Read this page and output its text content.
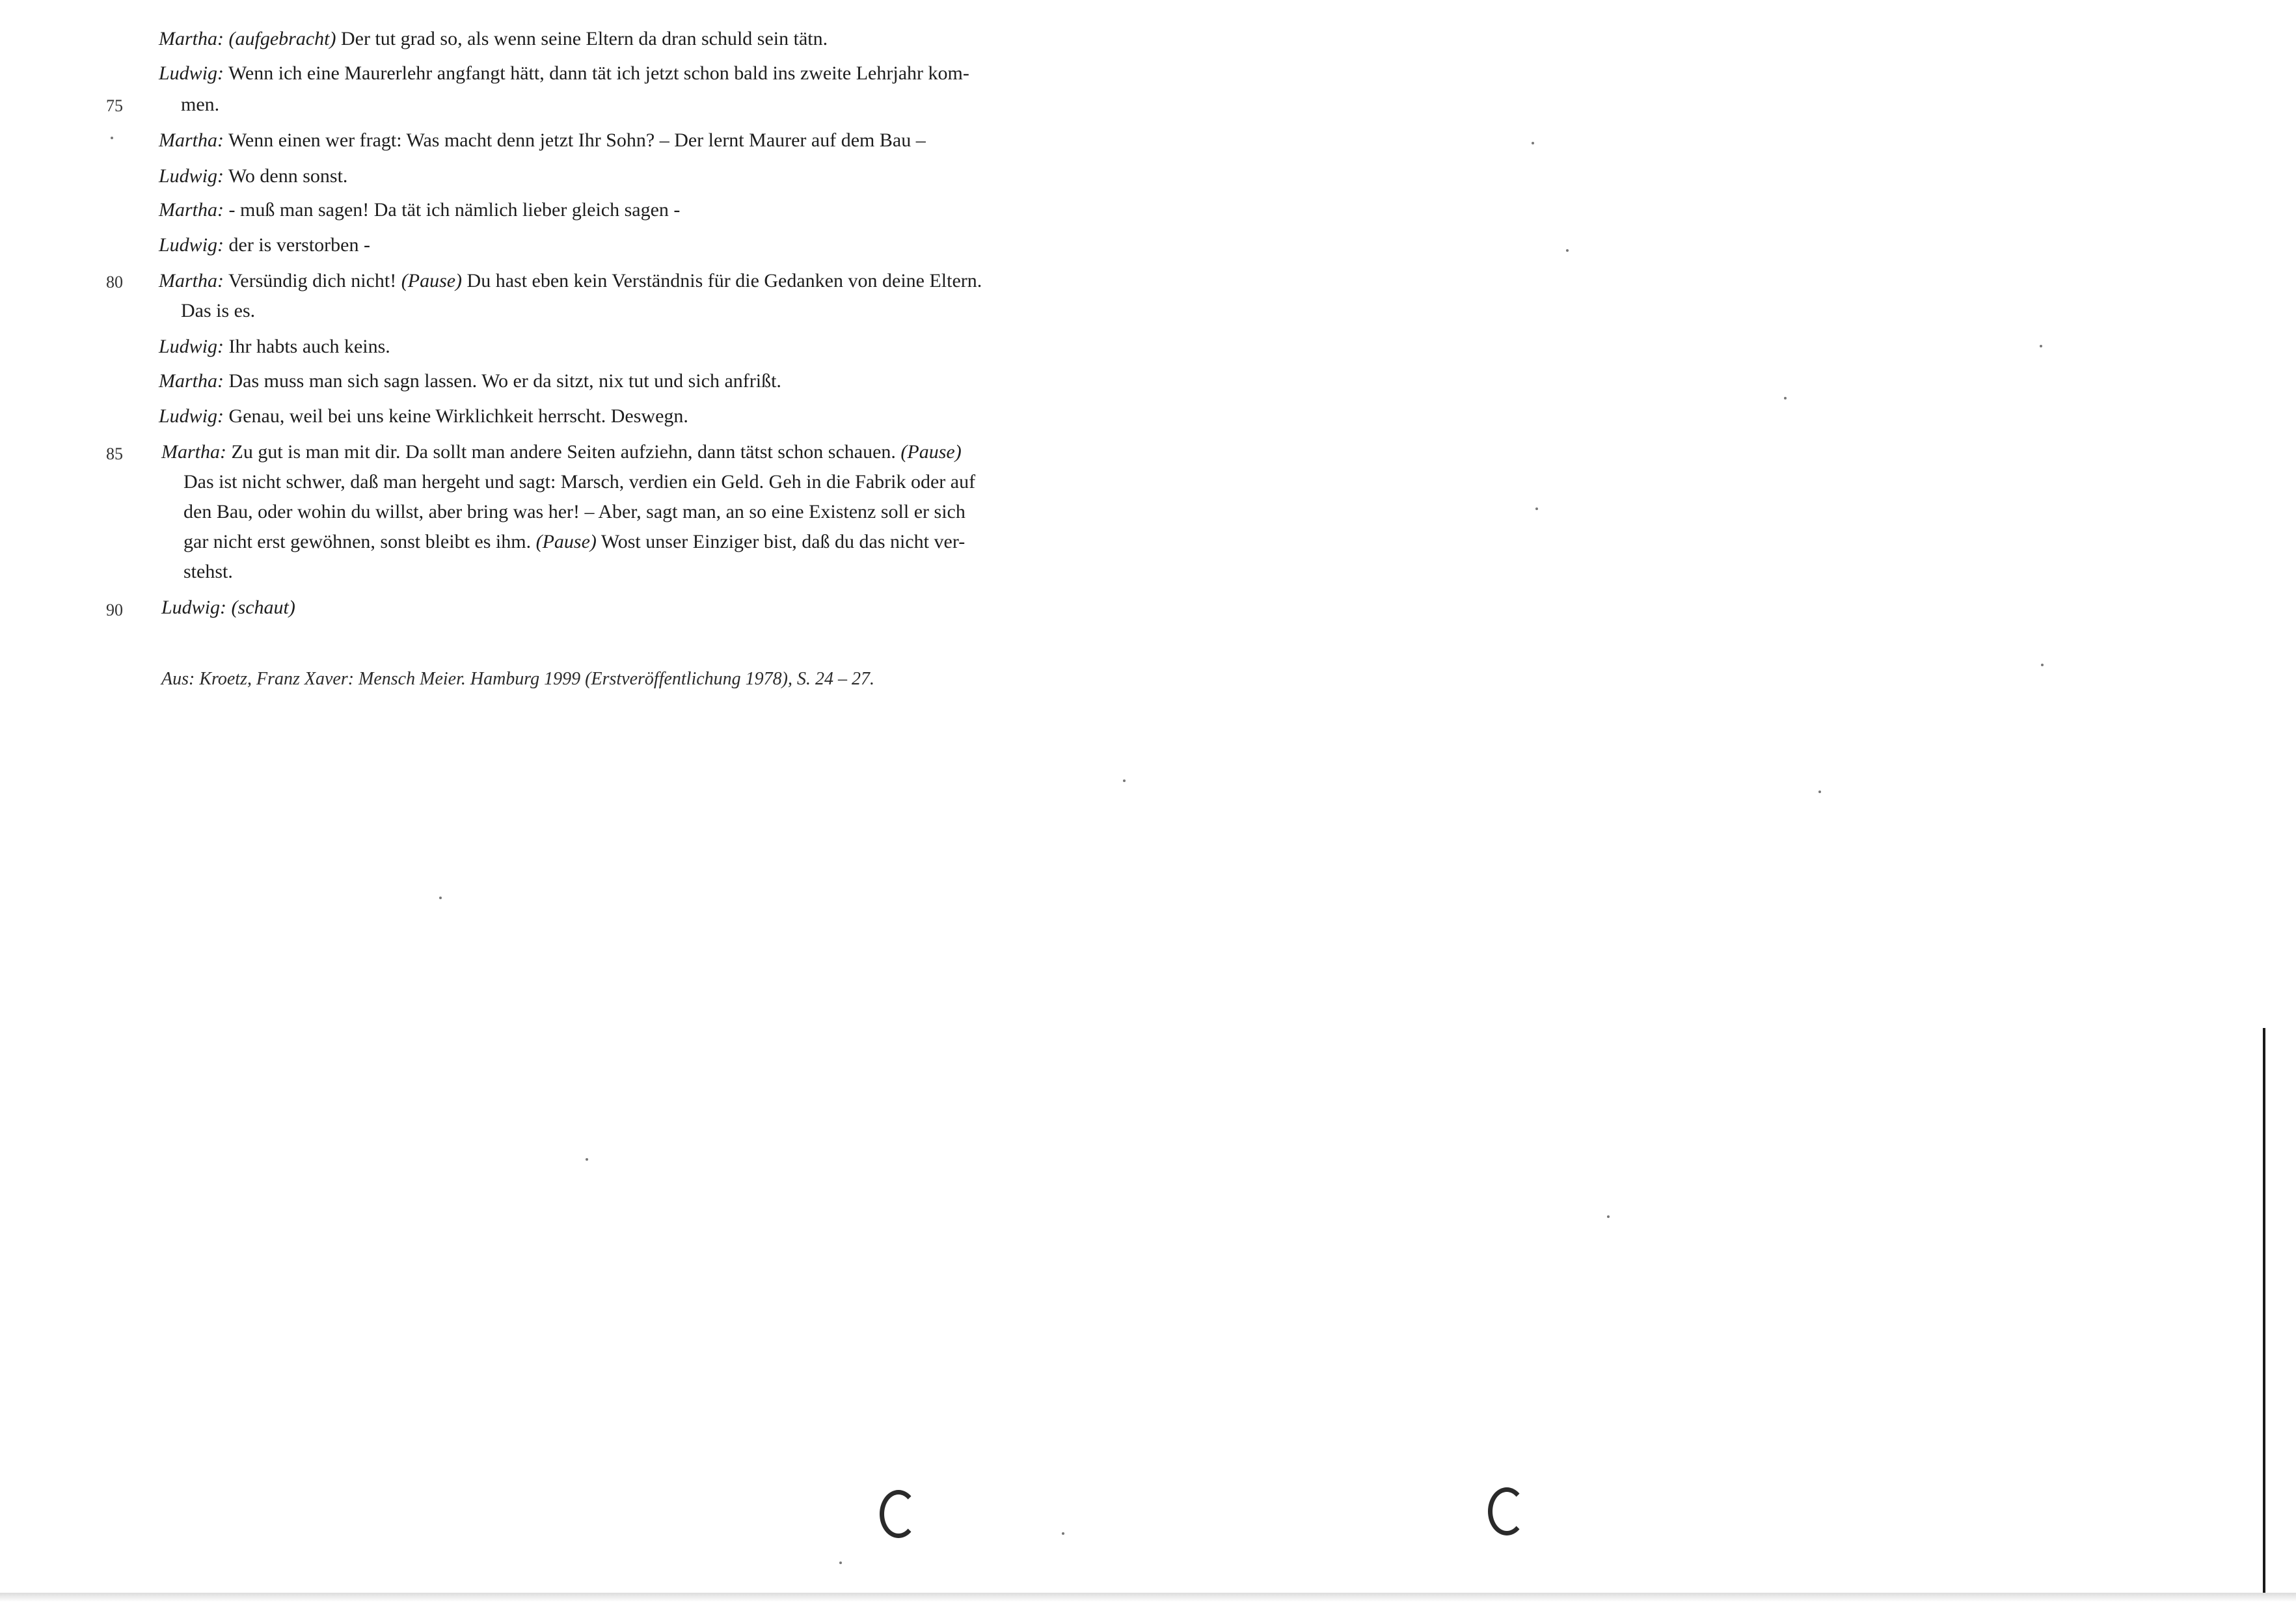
Martha: (aufgebracht) Der tut grad so, als wenn seine Eltern da dran schuld sein tätn.
Ludwig: Wenn ich eine Maurerlehr angfangt hätt, dann tät ich jetzt schon bald ins zweite Lehrjahr kom-
75	men.
Martha: Wenn einen wer fragt: Was macht denn jetzt Ihr Sohn? – Der lernt Maurer auf dem Bau –
Ludwig: Wo denn sonst.
Martha: - muß man sagen! Da tät ich nämlich lieber gleich sagen -
Ludwig: der is verstorben -
80 Martha: Versündig dich nicht! (Pause) Du hast eben kein Verständnis für die Gedanken von deine Eltern.
Das is es.
Ludwig: Ihr habts auch keins.
Martha: Das muss man sich sagn lassen. Wo er da sitzt, nix tut und sich anfrißt.
Ludwig: Genau, weil bei uns keine Wirklichkeit herrscht. Deswegn.
85 Martha: Zu gut is man mit dir. Da sollt man andere Seiten aufziehn, dann tätst schon schauen. (Pause)
Das ist nicht schwer, daß man hergeht und sagt: Marsch, verdien ein Geld. Geh in die Fabrik oder auf
den Bau, oder wohin du willst, aber bring was her! – Aber, sagt man, an so eine Existenz soll er sich
gar nicht erst gewöhnen, sonst bleibt es ihm. (Pause) Wost unser Einziger bist, daß du das nicht ver-
stehst.
90 Ludwig: (schaut)
Aus: Kroetz, Franz Xaver: Mensch Meier. Hamburg 1999 (Erstveröffentlichung 1978), S. 24 – 27.
